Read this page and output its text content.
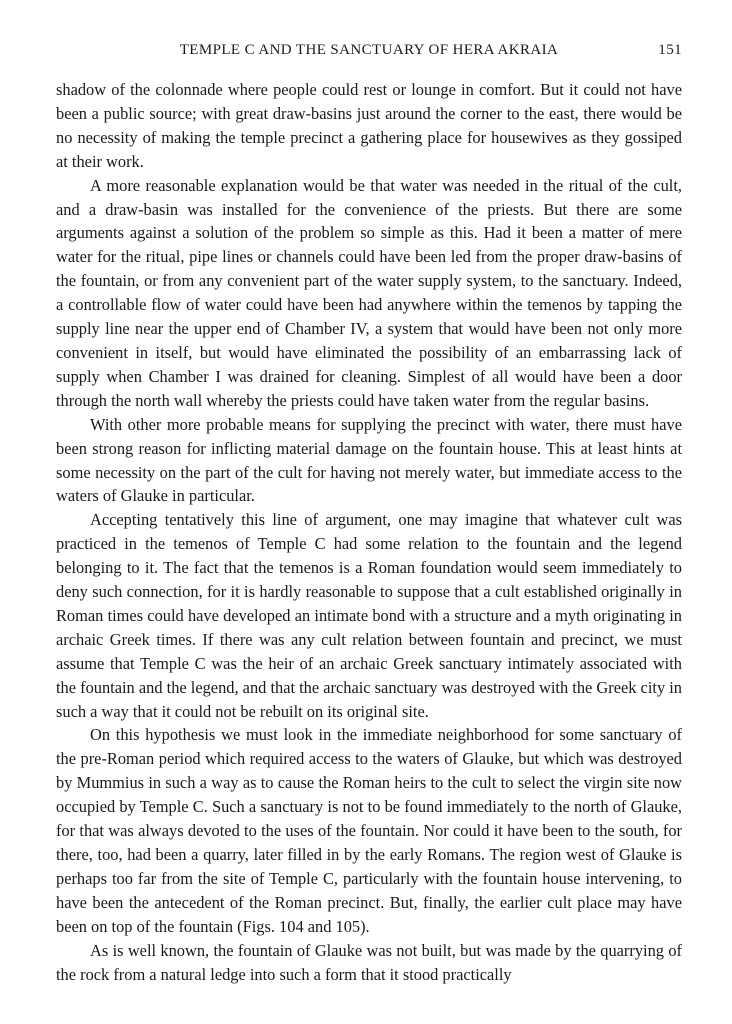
TEMPLE C AND THE SANCTUARY OF HERA AKRAIA	151

shadow of the colonnade where people could rest or lounge in comfort. But it could not have been a public source; with great draw-basins just around the corner to the east, there would be no necessity of making the temple precinct a gathering place for housewives as they gossiped at their work.

A more reasonable explanation would be that water was needed in the ritual of the cult, and a draw-basin was installed for the convenience of the priests. But there are some arguments against a solution of the problem so simple as this. Had it been a matter of mere water for the ritual, pipe lines or channels could have been led from the proper draw-basins of the fountain, or from any convenient part of the water supply system, to the sanctuary. Indeed, a controllable flow of water could have been had anywhere within the temenos by tapping the supply line near the upper end of Chamber IV, a system that would have been not only more convenient in itself, but would have eliminated the possibility of an embarrassing lack of supply when Chamber I was drained for cleaning. Simplest of all would have been a door through the north wall whereby the priests could have taken water from the regular basins.

With other more probable means for supplying the precinct with water, there must have been strong reason for inflicting material damage on the fountain house. This at least hints at some necessity on the part of the cult for having not merely water, but immediate access to the waters of Glauke in particular.

Accepting tentatively this line of argument, one may imagine that whatever cult was practiced in the temenos of Temple C had some relation to the fountain and the legend belonging to it. The fact that the temenos is a Roman foundation would seem immediately to deny such connection, for it is hardly reasonable to suppose that a cult established originally in Roman times could have developed an intimate bond with a structure and a myth originating in archaic Greek times. If there was any cult relation between fountain and precinct, we must assume that Temple C was the heir of an archaic Greek sanctuary intimately associated with the fountain and the legend, and that the archaic sanctuary was destroyed with the Greek city in such a way that it could not be rebuilt on its original site.

On this hypothesis we must look in the immediate neighborhood for some sanctuary of the pre-Roman period which required access to the waters of Glauke, but which was destroyed by Mummius in such a way as to cause the Roman heirs to the cult to select the virgin site now occupied by Temple C. Such a sanctuary is not to be found immediately to the north of Glauke, for that was always devoted to the uses of the fountain. Nor could it have been to the south, for there, too, had been a quarry, later filled in by the early Romans. The region west of Glauke is perhaps too far from the site of Temple C, particularly with the fountain house intervening, to have been the antecedent of the Roman precinct. But, finally, the earlier cult place may have been on top of the fountain (Figs. 104 and 105).

As is well known, the fountain of Glauke was not built, but was made by the quarrying of the rock from a natural ledge into such a form that it stood practically
